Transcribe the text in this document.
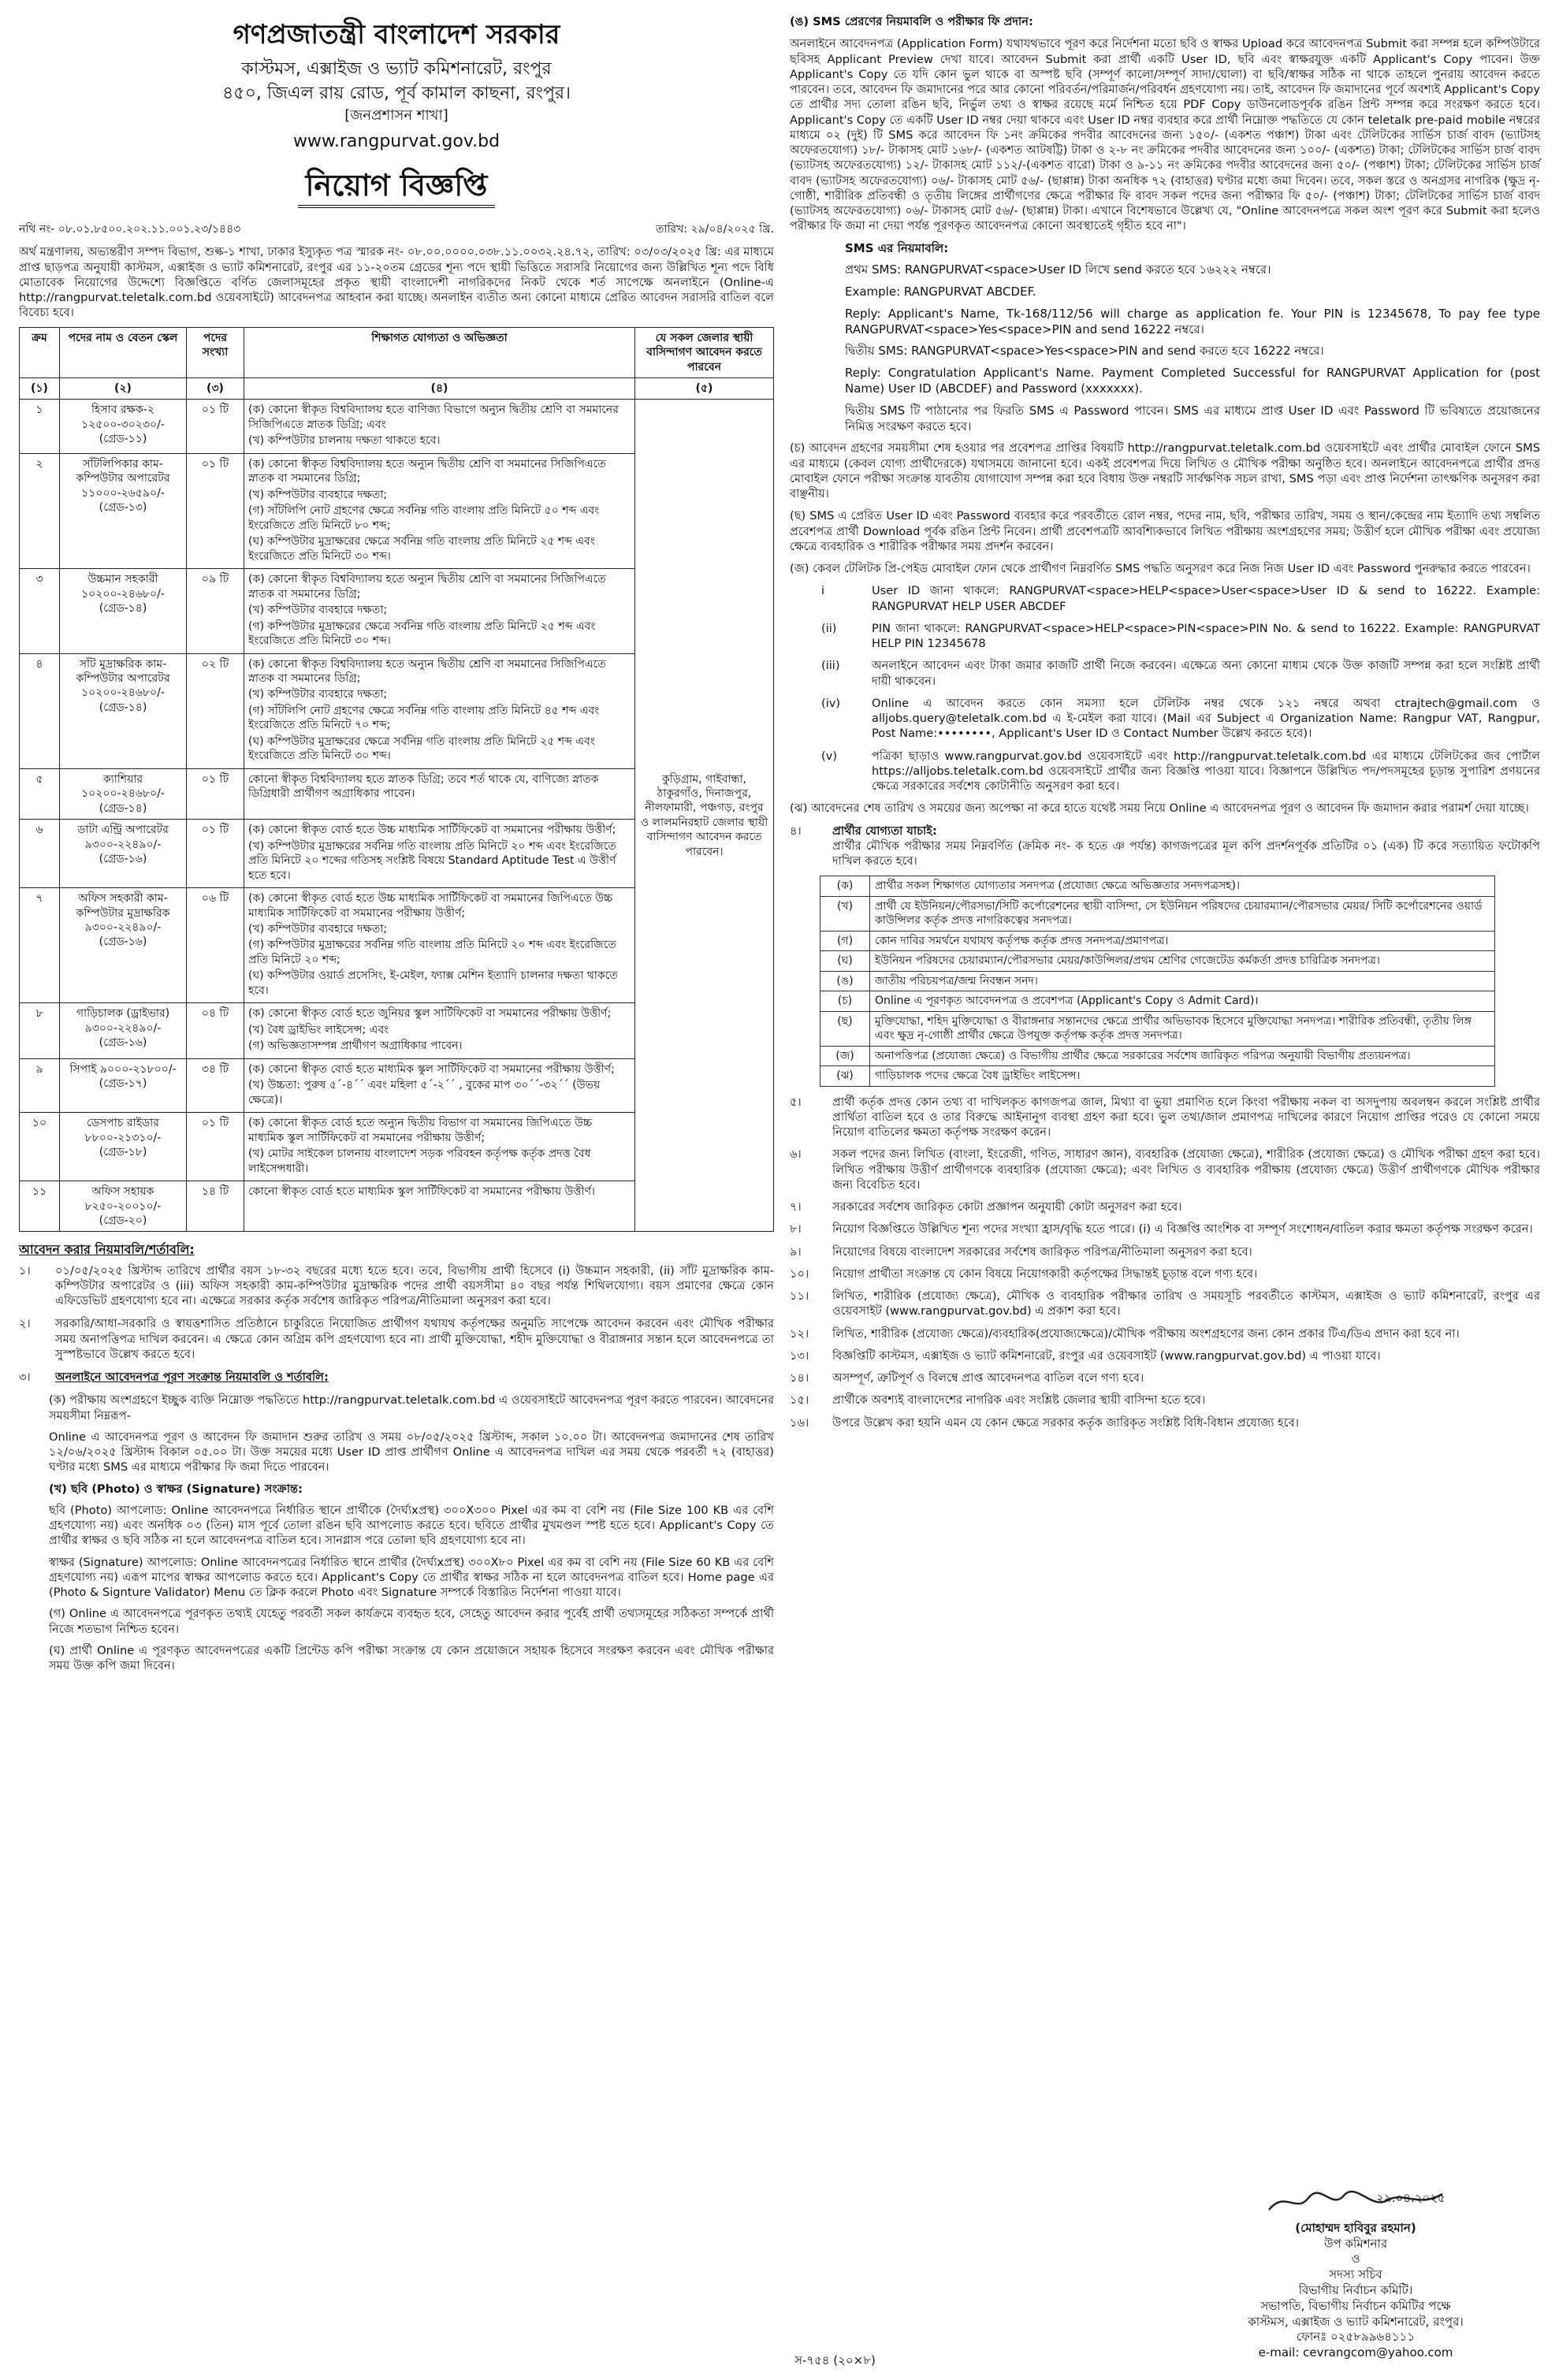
গণপ্রজাতন্ত্রী বাংলাদেশ সরকার
কাস্টমস, এক্সাইজ ও ভ্যাট কমিশনারেট, রংপুর
৪৫০, জিএল রায় রোড, পূর্ব কামাল কাছনা, রংপুর।
[জনপ্রশাসন শাখা]
www.rangpurvat.gov.bd
নিয়োগ বিজ্ঞপ্তি
নথি নং- ০৮.০১.৮৫০০.২০২.১১.০০১.২৩/১৪৪৩	তারিখ: ২৯/০৪/২০২৫ খ্রি.

অর্থ মন্ত্রণালয়, অভ্যন্তরীণ সম্পদ বিভাগ, শুল্ক-১ শাখা, ঢাকার ইস্যুকৃত পত্র স্মারক নং- ০৮.০০.০০০০.০৩৮.১১.০০৩২.২৪.৭২, তারিখ: ০৩/০৩/২০২৫ খ্রি: এর মাধ্যমে প্রাপ্ত ছাড়পত্র অনুযায়ী কাস্টমস, এক্সাইজ ও ভ্যাট কমিশনারেট, রংপুর এর ১১-২০তম গ্রেডের শূন্য পদে স্থায়ী ভিত্তিতে সরাসরি নিয়োগের জন্য উল্লিখিত শূন্য পদে বিধি মোতাবেক নিয়োগের উদ্দেশ্যে বিজ্ঞপ্তিতে বর্ণিত জেলাসমূহের প্রকৃত স্থায়ী বাংলাদেশী নাগরিকদের নিকট থেকে শর্ত সাপেক্ষে অনলাইনে (Online-এ http://rangpurvat.teletalk.com.bd ওয়েবসাইটে) আবেদনপত্র আহবান করা যাচ্ছে। অনলাইন ব্যতীত অন্য কোনো মাধ্যমে প্রেরিত আবেদন সরাসরি বাতিল বলে বিবেচ্য হবে।

ক্রম	পদের নাম ও বেতন স্কেল	পদের সংখ্যা	শিক্ষাগত যোগ্যতা ও অভিজ্ঞতা	যে সকল জেলার স্থায়ী বাসিন্দাগণ আবেদন করতে পারবেন
(১)	(২)	(৩)	(৪)	(৫)
১	হিসাব রক্ষক-২ ১২৫০০-৩০২৩০/- (গ্রেড-১১)	০১ টি	(ক) কোনো স্বীকৃত বিশ্ববিদ্যালয় হতে বাণিজ্য বিভাগে অন্যুন দ্বিতীয় শ্রেণি বা সমমানের সিজিপিএতে স্নাতক ডিগ্রি; এবং
(খ) কম্পিউটার চালনায় দক্ষতা থাকতে হবে।	কুড়িগ্রাম, গাইবান্ধা, ঠাকুরগাঁও, দিনাজপুর, নীলফামারী, পঞ্চগড়, রংপুর ও লালমনিরহাট জেলার স্থায়ী বাসিন্দাগণ আবেদন করতে পারবেন।
২	সাঁটলিপিকার কাম-কম্পিউটার অপারেটর ১১০০০-২৬৫৯০/- (গ্রেড-১৩)	০১ টি	(ক) কোনো স্বীকৃত বিশ্ববিদ্যালয় হতে অন্যুন দ্বিতীয় শ্রেণি বা সমমানের সিজিপিএতে স্নাতক বা সমমানের ডিগ্রি;
(খ) কম্পিউটার ব্যবহারে দক্ষতা;
(গ) সাঁটলিপি নোট গ্রহণের ক্ষেত্রে সর্বনিম্ন গতি বাংলায় প্রতি মিনিটে ৫০ শব্দ এবং ইংরেজিতে প্রতি মিনিটে ৮০ শব্দ;
(ঘ) কম্পিউটার মুদ্রাক্ষরের ক্ষেত্রে সর্বনিম্ন গতি বাংলায় প্রতি মিনিটে ২৫ শব্দ এবং ইংরেজিতে প্রতি মিনিটে ৩০ শব্দ।	

৩	উচ্চমান সহকারী ১০২০০-২৪৬৮০/- (গ্রেড-১৪)	০৯ টি	(ক) কোনো স্বীকৃত বিশ্ববিদ্যালয় হতে অন্যুন দ্বিতীয় শ্রেণি বা সমমানের সিজিপিএতে স্নাতক বা সমমানের ডিগ্রি;
(খ) কম্পিউটার ব্যবহারে দক্ষতা;
(গ) কম্পিউটার মুদ্রাক্ষরের ক্ষেত্রে সর্বনিম্ন গতি বাংলায় প্রতি মিনিটে ২৫ শব্দ এবং ইংরেজিতে প্রতি মিনিটে ৩০ শব্দ।	

৪	সাঁট মুদ্রাক্ষরিক কাম-কম্পিউটার অপারেটর ১০২০০-২৪৬৮০/- (গ্রেড-১৪)	০২ টি	(ক) কোনো স্বীকৃত বিশ্ববিদ্যালয় হতে অন্যুন দ্বিতীয় শ্রেণি বা সমমানের সিজিপিএতে স্নাতক বা সমমানের ডিগ্রি;
(খ) কম্পিউটার ব্যবহারে দক্ষতা;
(গ) সাঁটলিপি নোট গ্রহণের ক্ষেত্রে সর্বনিম্ন গতি বাংলায় প্রতি মিনিটে ৪৫ শব্দ এবং ইংরেজিতে প্রতি মিনিটে ৭০ শব্দ;
(ঘ) কম্পিউটার মুদ্রাক্ষরের ক্ষেত্রে সর্বনিম্ন গতি বাংলায় প্রতি মিনিটে ২৫ শব্দ এবং ইংরেজিতে প্রতি মিনিটে ৩০ শব্দ।	

৫	ক্যাশিয়ার ১০২০০-২৪৬৮০/- (গ্রেড-১৪)	০১ টি	কোনো স্বীকৃত বিশ্ববিদ্যালয় হতে স্নাতক ডিগ্রি; তবে শর্ত থাকে যে, বাণিজ্যে স্নাতক ডিগ্রিধারী প্রার্থীগণ অগ্রাধিকার পাবেন।	

৬	ডাটা এন্ট্রি অপারেটর ৯৩০০-২২৪৯০/- (গ্রেড-১৬)	০১ টি	(ক) কোনো স্বীকৃত বোর্ড হতে উচ্চ মাধ্যমিক সার্টিফিকেট বা সমমানের পরীক্ষায় উত্তীর্ণ;
(খ) কম্পিউটার মুদ্রাক্ষরের সর্বনিম্ন গতি বাংলায় প্রতি মিনিটে ২০ শব্দ এবং ইংরেজিতে প্রতি মিনিটে ২০ শব্দের গতিসহ সংশ্লিষ্ট বিষয়ে Standard Aptitude Test এ উত্তীর্ণ হতে হবে।	

৭	অফিস সহকারী কাম- কম্পিউটার মুদ্রাক্ষরিক ৯৩০০-২২৪৯০/- (গ্রেড-১৬)	০৬ টি	(ক) কোনো স্বীকৃত বোর্ড হতে উচ্চ মাধ্যমিক সার্টিফিকেট বা সমমানের জিপিএতে উচ্চ মাধ্যমিক সার্টিফিকেট বা সমমানের পরীক্ষায় উত্তীর্ণ;
(খ) কম্পিউটার ব্যবহারে দক্ষতা;
(গ) কম্পিউটার মুদ্রাক্ষরের সর্বনিম্ন গতি বাংলায় প্রতি মিনিটে ২০ শব্দ এবং ইংরেজিতে প্রতি মিনিটে ২০ শব্দ;
(ঘ) কম্পিউটার ওয়ার্ড প্রসেসিং, ই-মেইল, ফ্যাক্স মেশিন ইত্যাদি চালনার দক্ষতা থাকতে হবে।	

৮	গাড়িচালক (ড্রাইভার) ৯৩০০-২২৪৯০/- (গ্রেড-১৬)	০৪ টি	(ক) কোনো স্বীকৃত বোর্ড হতে জুনিয়র স্কুল সার্টিফিকেট বা সমমানের পরীক্ষায় উত্তীর্ণ;
(খ) বৈধ ড্রাইভিং লাইসেন্স; এবং
(গ) অভিজ্ঞতাসম্পন্ন প্রার্থীগণ অগ্রাধিকার পাবেন।	

৯	সিপাই ৯০০০-২১৮০০/- (গ্রেড-১৭)	৩৪ টি	(ক) কোনো স্বীকৃত বোর্ড হতে মাধ্যমিক স্কুল সার্টিফিকেট বা সমমানের পরীক্ষায় উত্তীর্ণ;
(খ) উচ্চতা: পুরুষ ৫´-৪´´ এবং মহিলা ৫´-২´´ , বুকের মাপ ৩০´´-৩২´´ (উভয় ক্ষেত্রে)।	

১০	ডেসপাচ রাইডার ৮৮০০-২১৩১০/- (গ্রেড-১৮)	০১ টি	(ক) কোনো স্বীকৃত বোর্ড হতে অন্যুন দ্বিতীয় বিভাগ বা সমমানের জিপিএতে উচ্চ মাধ্যমিক স্কুল সার্টিফিকেট বা সমমানের পরীক্ষায় উত্তীর্ণ;
(খ) মোটর সাইকেল চালনায় বাংলাদেশ সড়ক পরিবহন কর্তৃপক্ষ কর্তৃক প্রদত্ত বৈধ লাইসেন্সধারী।	

১১	অফিস সহায়ক ৮২৫০-২০০১০/- (গ্রেড-২০)	১৪ টি	কোনো স্বীকৃত বোর্ড হতে মাধ্যমিক স্কুল সার্টিফিকেট বা সমমানের পরীক্ষায় উত্তীর্ণ।	
আবেদন করার নিয়মাবলি/শর্তাবলি:
১।	০১/০৫/২০২৫ খ্রিস্টাব্দ তারিখে প্রার্থীর বয়স ১৮-৩২ বছরের মধ্যে হতে হবে। তবে, বিভাগীয় প্রার্থী হিসেবে (i) উচ্চমান সহকারী, (ii) সাঁট মুদ্রাক্ষরিক কাম-কম্পিউটার অপারেটর ও (iii) অফিস সহকারী কাম-কম্পিউটার মুদ্রাক্ষরিক পদের প্রার্থী বয়সসীমা ৪০ বছর পর্যন্ত শিথিলযোগ্য। বয়স প্রমাণের ক্ষেত্রে কোন এফিডেভিট গ্রহণযোগ্য হবে না। এক্ষেত্রে সরকার কর্তৃক সর্বশেষ জারিকৃত পরিপত্র/নীতিমালা অনুসরণ করা হবে।
২।	সরকারি/আধা-সরকারি ও স্বায়ত্তশাসিত প্রতিষ্ঠানে চাকুরিতে নিয়োজিত প্রার্থীগণ যথাযথ কর্তৃপক্ষের অনুমতি সাপেক্ষে আবেদন করবেন এবং মৌখিক পরীক্ষার সময় অনাপত্তিপত্র দাখিল করবেন। এ ক্ষেত্রে কোন অগ্রিম কপি গ্রহণযোগ্য হবে না। প্রার্থী মুক্তিযোদ্ধা, শহীদ মুক্তিযোদ্ধা ও বীরাঙ্গনার সন্তান হলে আবেদনপত্রে তা সুস্পষ্টভাবে উল্লেখ করতে হবে।
৩।	অনলাইনে আবেদনপত্র পূরণ সংক্রান্ত নিয়মাবলি ও শর্তাবলি:
(ক) পরীক্ষায় অংশগ্রহণে ইচ্ছুক ব্যক্তি নিম্নোক্ত পদ্ধতিতে http://rangpurvat.teletalk.com.bd এ ওয়েবসাইটে আবেদনপত্র পূরণ করতে পারবেন। আবেদনের সময়সীমা নিম্নরূপ-
Online এ আবেদনপত্র পূরণ ও আবেদন ফি জমাদান শুরুর তারিখ ও সময় ০৮/০৫/২০২৫ খ্রিস্টাব্দ, সকাল ১০.০০ টা। আবেদনপত্র জমাদানের শেষ তারিখ ১২/০৬/২০২৫ খ্রিস্টাব্দ বিকাল ০৫.০০ টা। উক্ত সময়ের মধ্যে User ID প্রাপ্ত প্রার্থীগণ Online এ আবেদনপত্র দাখিল এর সময় থেকে পরবর্তী ৭২ (বাহাত্তর) ঘণ্টার মধ্যে SMS এর মাধ্যমে পরীক্ষার ফি জমা দিতে পারবেন।
(খ) ছবি (Photo) ও স্বাক্ষর (Signature) সংক্রান্ত:
ছবি (Photo) আপলোড: Online আবেদনপত্রে নির্ধারিত স্থানে প্রার্থীকে (দৈর্ঘ্যxপ্রস্থ) ৩০০X৩০০ Pixel এর কম বা বেশি নয় (File Size 100 KB এর বেশি গ্রহণযোগ্য নয়) এবং অনধিক ০৩ (তিন) মাস পূর্বে তোলা রঙিন ছবি আপলোড করতে হবে। ছবিতে প্রার্থীর মুখমণ্ডল স্পষ্ট হতে হবে। Applicant's Copy তে প্রার্থীর স্বাক্ষর ও ছবি সঠিক না হলে আবেদনপত্র বাতিল হবে। সানগ্লাস পরে তোলা ছবি গ্রহণযোগ্য হবে না।
স্বাক্ষর (Signature) আপলোড: Online আবেদনপত্রের নির্ধারিত স্থানে প্রার্থীর (দৈর্ঘ্যxপ্রস্থ) ৩০০X৮০ Pixel এর কম বা বেশি নয় (File Size 60 KB এর বেশি গ্রহণযোগ্য নয়) এরূপ মাপের স্বাক্ষর আপলোড করতে হবে। Applicant's Copy তে প্রার্থীর স্বাক্ষর সঠিক না হলে আবেদনপত্র বাতিল হবে। Home page এর (Photo & Signture Validator) Menu তে ক্লিক করলে Photo এবং Signature সম্পর্কে বিস্তারিত নির্দেশনা পাওয়া যাবে।
(গ) Online এ আবেদনপত্রে পূরণকৃত তথ্যই যেহেতু পরবর্তী সকল কার্যক্রমে ব্যবহৃত হবে, সেহেতু আবেদন করার পূর্বেই প্রার্থী তথ্যসমূহের সঠিকতা সম্পর্কে প্রার্থী নিজে শতভাগ নিশ্চিত হবেন।
(ঘ) প্রার্থী Online এ পূরণকৃত আবেদনপত্রের একটি প্রিন্টেড কপি পরীক্ষা সংক্রান্ত যে কোন প্রয়োজনে সহায়ক হিসেবে সংরক্ষণ করবেন এবং মৌখিক পরীক্ষার সময় উক্ত কপি জমা দিবেন।
(ঙ) SMS প্রেরণের নিয়মাবলি ও পরীক্ষার ফি প্রদান:

অনলাইনে আবেদনপত্র (Application Form) যথাযথভাবে পূরণ করে নির্দেশনা মতো ছবি ও স্বাক্ষর Upload করে আবেদনপত্র Submit করা সম্পন্ন হলে কম্পিউটারে ছবিসহ Applicant Preview দেখা যাবে। আবেদন Submit করা প্রার্থী একটি User ID, ছবি এবং স্বাক্ষরযুক্ত একটি Applicant's Copy পাবেন। উক্ত Applicant's Copy তে যদি কোন ভুল থাকে বা অস্পষ্ট ছবি (সম্পূর্ণ কালো/সম্পূর্ণ সাদা/ঘোলা) বা ছবি/স্বাক্ষর সঠিক না থাকে তাহলে পুনরায় আবেদন করতে পারবেন। তবে, আবেদন ফি জমাদানের পরে আর কোনো পরিবর্তন/পরিমার্জন/পরিবর্ধন গ্রহণযোগ্য নয়। তাই, আবেদন ফি জমাদানের পূর্বে অবশ্যই Applicant's Copy তে প্রার্থীর সদ্য তোলা রঙিন ছবি, নির্ভুল তথ্য ও স্বাক্ষর রয়েছে মর্মে নিশ্চিত হয়ে PDF Copy ডাউনলোডপূর্বক রঙিন প্রিন্ট সম্পন্ন করে সংরক্ষণ করতে হবে। Applicant's Copy তে একটি User ID নম্বর দেয়া থাকবে এবং User ID নম্বর ব্যবহার করে প্রার্থী নিম্নোক্ত পদ্ধতিতে যে কোন teletalk pre-paid mobile নম্বরের মাধ্যমে ০২ (দুই) টি SMS করে আবেদন ফি ১নং ক্রমিকের পদবীর আবেদনের জন্য ১৫০/- (একশত পঞ্চাশ) টাকা এবং টেলিটকের সার্ভিস চার্জ বাবদ (ভ্যাটসহ অফেরতযোগ্য) ১৮/- টাকাসহ মোট ১৬৮/- (একশত আটষট্টি) টাকা ও ২-৮ নং ক্রমিকের পদবীর আবেদনের জন্য ১০০/- (একশত) টাকা; টেলিটকের সার্ভিস চার্জ বাবদ (ভ্যাটসহ অফেরতযোগ্য) ১২/- টাকাসহ মোট ১১২/-(একশত বারো) টাকা ও ৯-১১ নং ক্রমিকের পদবীর আবেদনের জন্য ৫০/- (পঞ্চাশ) টাকা; টেলিটকের সার্ভিস চার্জ বাবদ (ভ্যাটসহ অফেরতযোগ্য) ০৬/- টাকাসহ মোট ৫৬/- (ছাপ্পান্ন) টাকা অনধিক ৭২ (বাহাত্তর) ঘণ্টার মধ্যে জমা দিবেন। তবে, সকল স্তরে ও অনগ্রসর নাগরিক (ক্ষুদ্র নৃ-গোষ্ঠী, শারীরিক প্রতিবন্ধী ও তৃতীয় লিঙ্গের প্রার্থীগণের ক্ষেত্রে পরীক্ষার ফি বাবদ সকল পদের জন্য পরীক্ষার ফি ৫০/- (পঞ্চাশ) টাকা; টেলিটকের সার্ভিস চার্জ বাবদ (ভ্যাটসহ অফেরতযোগ্য) ০৬/- টাকাসহ মোট ৫৬/- (ছাপ্পান্ন) টাকা। এখানে বিশেষভাবে উল্লেখ্য যে, "Online আবেদনপত্রে সকল অংশ পূরণ করে Submit করা হলেও পরীক্ষার ফি জমা না দেয়া পর্যন্ত পূরণকৃত আবেদনপত্র কোনো অবস্থাতেই গৃহীত হবে না"।

SMS এর নিয়মাবলি:
প্রথম SMS: RANGPURVAT<space>User ID লিখে send করতে হবে ১৬২২২ নম্বরে।
Example: RANGPURVAT ABCDEF.
Reply: Applicant's Name, Tk-168/112/56 will charge as application fe. Your PIN is 12345678, To pay fee type RANGPURVAT<space>Yes<space>PIN and send 16222 নম্বরে।
দ্বিতীয় SMS: RANGPURVAT<space>Yes<space>PIN and send করতে হবে 16222 নম্বরে।
Reply: Congratulation Applicant's Name. Payment Completed Successful for RANGPURVAT Application for (post Name) User ID (ABCDEF) and Password (xxxxxxx).
দ্বিতীয় SMS টি পাঠানোর পর ফিরতি SMS এ Password পাবেন। SMS এর মাধ্যমে প্রাপ্ত User ID এবং Password টি ভবিষ্যতে প্রয়োজনের নিমিত্ত সংরক্ষণ করতে হবে।

(চ) আবেদন গ্রহণের সময়সীমা শেষ হওয়ার পর প্রবেশপত্র প্রাপ্তির বিষয়টি http://rangpurvat.teletalk.com.bd ওয়েবসাইটে এবং প্রার্থীর মোবাইল ফোনে SMS এর মাধ্যমে (কেবল যোগ্য প্রার্থীদেরকে) যথাসময়ে জানানো হবে। একই প্রবেশপত্র দিয়ে লিখিত ও মৌখিক পরীক্ষা অনুষ্ঠিত হবে। অনলাইনে আবেদনপত্রে প্রার্থীর প্রদত্ত মোবাইল ফোনে পরীক্ষা সংক্রান্ত যাবতীয় যোগাযোগ সম্পন্ন করা হবে বিধায় উক্ত নম্বরটি সার্বক্ষণিক সচল রাখা, SMS পড়া এবং প্রাপ্ত নির্দেশনা তাৎক্ষণিক অনুসরণ করা বাঞ্ছনীয়।

(ছ) SMS এ প্রেরিত User ID এবং Password ব্যবহার করে পরবর্তীতে রোল নম্বর, পদের নাম, ছবি, পরীক্ষার তারিখ, সময় ও স্থান/কেন্দ্রের নাম ইত্যাদি তথ্য সম্বলিত প্রবেশপত্র প্রার্থী Download পূর্বক রঙিন প্রিন্ট নিবেন। প্রার্থী প্রবেশপত্রটি আবশ্যিকভাবে লিখিত পরীক্ষায় অংশগ্রহণের সময়; উত্তীর্ণ হলে মৌখিক পরীক্ষা এবং প্রযোজ্য ক্ষেত্রে ব্যবহারিক ও শারীরিক পরীক্ষার সময় প্রদর্শন করবেন।

(জ) কেবল টেলিটক প্রি-পেইড মোবাইল ফোন থেকে প্রার্থীগণ নিম্নবর্ণিত SMS পদ্ধতি অনুসরণ করে নিজ নিজ User ID এবং Password পুনরুদ্ধার করতে পারবেন।

i	User ID জানা থাকলে: RANGPURVAT<space>HELP<space>User<space>User ID & send to 16222. Example: RANGPURVAT HELP USER ABCDEF
(ii)	PIN জানা থাকলে: RANGPURVAT<space>HELP<space>PIN<space>PIN No. & send to 16222. Example: RANGPURVAT HELP PIN 12345678
(iii)	অনলাইনে আবেদন এবং টাকা জমার কাজটি প্রার্থী নিজে করবেন। এক্ষেত্রে অন্য কোনো মাধ্যম থেকে উক্ত কাজটি সম্পন্ন করা হলে সংশ্লিষ্ট প্রার্থী দায়ী থাকবেন।
(iv)	Online এ আবেদন করতে কোন সমস্যা হলে টেলিটক নম্বর থেকে ১২১ নম্বরে অথবা ctrajtech@gmail.com ও alljobs.query@teletalk.com.bd এ ই-মেইল করা যাবে। (Mail এর Subject এ Organization Name: Rangpur VAT, Rangpur, Post Name:••••••••, Applicant's User ID ও Contact Number উল্লেখ করতে হবে)।
(v)	পত্রিকা ছাড়াও www.rangpurvat.gov.bd ওয়েবসাইটে এবং http://rangpurvat.teletalk.com.bd এর মাধ্যমে টেলিটকের জব পোর্টাল https://alljobs.teletalk.com.bd ওয়েবসাইটে প্রার্থীর জন্য বিজ্ঞপ্তি পাওয়া যাবে। বিজ্ঞাপনে উল্লিখিত পদ/পদসমূহের চূড়ান্ত সুপারিশ প্রণয়নের ক্ষেত্রে সরকারের সর্বশেষ কোটানীতি অনুসরণ করা হবে।

(ঝ) আবেদনের শেষ তারিখ ও সময়ের জন্য অপেক্ষা না করে হাতে যথেষ্ট সময় নিয়ে Online এ আবেদনপত্র পূরণ ও আবেদন ফি জমাদান করার পরামর্শ দেয়া যাচ্ছে।

৪।	প্রার্থীর যোগ্যতা যাচাই:
প্রার্থীর মৌখিক পরীক্ষার সময় নিম্নবর্ণিত (ক্রমিক নং- ক হতে ঞ পর্যন্ত) কাগজপত্রের মূল কপি প্রদর্শনপূর্বক প্রতিটির ০১ (এক) টি করে সত্যায়িত ফটোকপি দাখিল করতে হবে।
(ক)	প্রার্থীর সকল শিক্ষাগত যোগ্যতার সনদপত্র (প্রযোজ্য ক্ষেত্রে অভিজ্ঞতার সনদপত্রসহ)।
(খ)	প্রার্থী যে ইউনিয়ন/পৌরসভা/সিটি কর্পোরেশনের স্থায়ী বাসিন্দা, সে ইউনিয়ন পরিষদের চেয়ারম্যান/পৌরসভার মেয়র/ সিটি কর্পোরেশনের ওয়ার্ড কাউন্সিলর কর্তৃক প্রদত্ত নাগরিকত্বের সনদপত্র।
(গ)	কোন দাবির সমর্থনে যথাযথ কর্তৃপক্ষ কর্তৃক প্রদত্ত সনদপত্র/প্রমাণপত্র।
(ঘ)	ইউনিয়ন পরিষদের চেয়ারম্যান/পৌরসভার মেয়র/কাউন্সিলর/প্রথম শ্রেণির গেজেটেড কর্মকর্তা প্রদত্ত চারিত্রিক সনদপত্র।
(ঙ)	জাতীয় পরিচয়পত্র/জন্ম নিবন্ধন সনদ।
(চ)	Online এ পূরণকৃত আবেদনপত্র ও প্রবেশপত্র (Applicant's Copy ও Admit Card)।
(ছ)	মুক্তিযোদ্ধা, শহিদ মুক্তিযোদ্ধা ও বীরাঙ্গনার সন্তানদের ক্ষেত্রে প্রার্থীর অভিভাবক হিসেবে মুক্তিযোদ্ধা সনদপত্র। শারীরিক প্রতিবন্ধী, তৃতীয় লিঙ্গ এবং ক্ষুদ্র নৃ-গোষ্ঠী প্রার্থীর ক্ষেত্রে উপযুক্ত কর্তৃপক্ষ কর্তৃক প্রদত্ত সনদপত্র।
(জ)	অনাপত্তিপত্র (প্রযোজ্য ক্ষেত্রে) ও বিভাগীয় প্রার্থীর ক্ষেত্রে সরকারের সর্বশেষ জারিকৃত পরিপত্র অনুযায়ী বিভাগীয় প্রত্যয়নপত্র।
(ঝ)	গাড়িচালক পদের ক্ষেত্রে বৈধ ড্রাইভিং লাইসেন্স।
৫।	প্রার্থী কর্তৃক প্রদত্ত কোন তথ্য বা দাখিলকৃত কাগজপত্র জাল, মিথ্যা বা ভুয়া প্রমাণিত হলে কিংবা পরীক্ষায় নকল বা অসদুপায় অবলম্বন করলে সংশ্লিষ্ট প্রার্থীর প্রার্থিতা বাতিল হবে ও তার বিরুদ্ধে আইনানুগ ব্যবস্থা গ্রহণ করা হবে। ভুল তথ্য/জাল প্রমাণপত্র দাখিলের কারণে নিয়োগ প্রাপ্তির পরেও যে কোনো সময়ে নিয়োগ বাতিলের ক্ষমতা কর্তৃপক্ষ সংরক্ষণ করেন।
৬।	সকল পদের জন্য লিখিত (বাংলা, ইংরেজী, গণিত, সাধারণ জ্ঞান), ব্যবহারিক (প্রযোজ্য ক্ষেত্রে), শারীরিক (প্রযোজ্য ক্ষেত্রে) ও মৌখিক পরীক্ষা গ্রহণ করা হবে। লিখিত পরীক্ষায় উত্তীর্ণ প্রার্থীগণকে ব্যবহারিক (প্রযোজ্য ক্ষেত্রে); এবং লিখিত ও ব্যবহারিক পরীক্ষায় (প্রযোজ্য ক্ষেত্রে) উত্তীর্ণ প্রার্থীগণকে মৌখিক পরীক্ষার জন্য বিবেচিত হবে।
৭।	সরকারের সর্বশেষ জারিকৃত কোটা প্রজ্ঞাপন অনুযায়ী কোটা অনুসরণ করা হবে।
৮।	নিয়োগ বিজ্ঞপ্তিতে উল্লিখিত শূন্য পদের সংখ্যা হ্রাস/বৃদ্ধি হতে পারে। (i) এ বিজ্ঞপ্তি আংশিক বা সম্পূর্ণ সংশোধন/বাতিল করার ক্ষমতা কর্তৃপক্ষ সংরক্ষণ করেন।
৯।	নিয়োগের বিষয়ে বাংলাদেশ সরকারের সর্বশেষ জারিকৃত পরিপত্র/নীতিমালা অনুসরণ করা হবে।
১০।	নিয়োগ প্রার্থীতা সংক্রান্ত যে কোন বিষয়ে নিয়োগকারী কর্তৃপক্ষের সিদ্ধান্তই চূড়ান্ত বলে গণ্য হবে।
১১।	লিখিত, শারীরিক (প্রযোজ্য ক্ষেত্রে), মৌখিক ও ব্যবহারিক পরীক্ষার তারিখ ও সময়সূচি পরবর্তীতে কাস্টমস, এক্সাইজ ও ভ্যাট কমিশনারেট, রংপুর এর ওয়েবসাইট (www.rangpurvat.gov.bd) এ প্রকাশ করা হবে।
১২।	লিখিত, শারীরিক (প্রযোজ্য ক্ষেত্রে)/ব্যবহারিক(প্রযোজ্যক্ষেত্রে)/মৌখিক পরীক্ষায় অংশগ্রহণের জন্য কোন প্রকার টিএ/ডিএ প্রদান করা হবে না।
১৩।	বিজ্ঞপ্তিটি কাস্টমস, এক্সাইজ ও ভ্যাট কমিশনারেট, রংপুর এর ওয়েবসাইট (www.rangpurvat.gov.bd) এ পাওয়া যাবে।
১৪।	অসম্পূর্ণ, ত্রুটিপূর্ণ ও বিলম্বে প্রাপ্ত আবেদনপত্র বাতিল বলে গণ্য হবে।
১৫।	প্রার্থীকে অবশ্যই বাংলাদেশের নাগরিক এবং সংশ্লিষ্ট জেলার স্থায়ী বাসিন্দা হতে হবে।
১৬।	উপরে উল্লেখ করা হয়নি এমন যে কোন ক্ষেত্রে সরকার কর্তৃক জারিকৃত সংশ্লিষ্ট বিধি-বিধান প্রযোজ্য হবে।
২৯.০৪.২০২৫
(মোহাম্মদ হাবিবুর রহমান)
উপ কমিশনার
ও
সদস্য সচিব
বিভাগীয় নির্বাচন কমিটি।
সভাপতি, বিভাগীয় নির্বাচন কমিটির পক্ষে
কাস্টমস, এক্সাইজ ও ভ্যাট কমিশনারেট, রংপুর।
ফোনঃ ০২৫৮৯৯৬৪১১১
e-mail: cevrangcom@yahoo.com
স-৭৫৪ (২০×৮)
